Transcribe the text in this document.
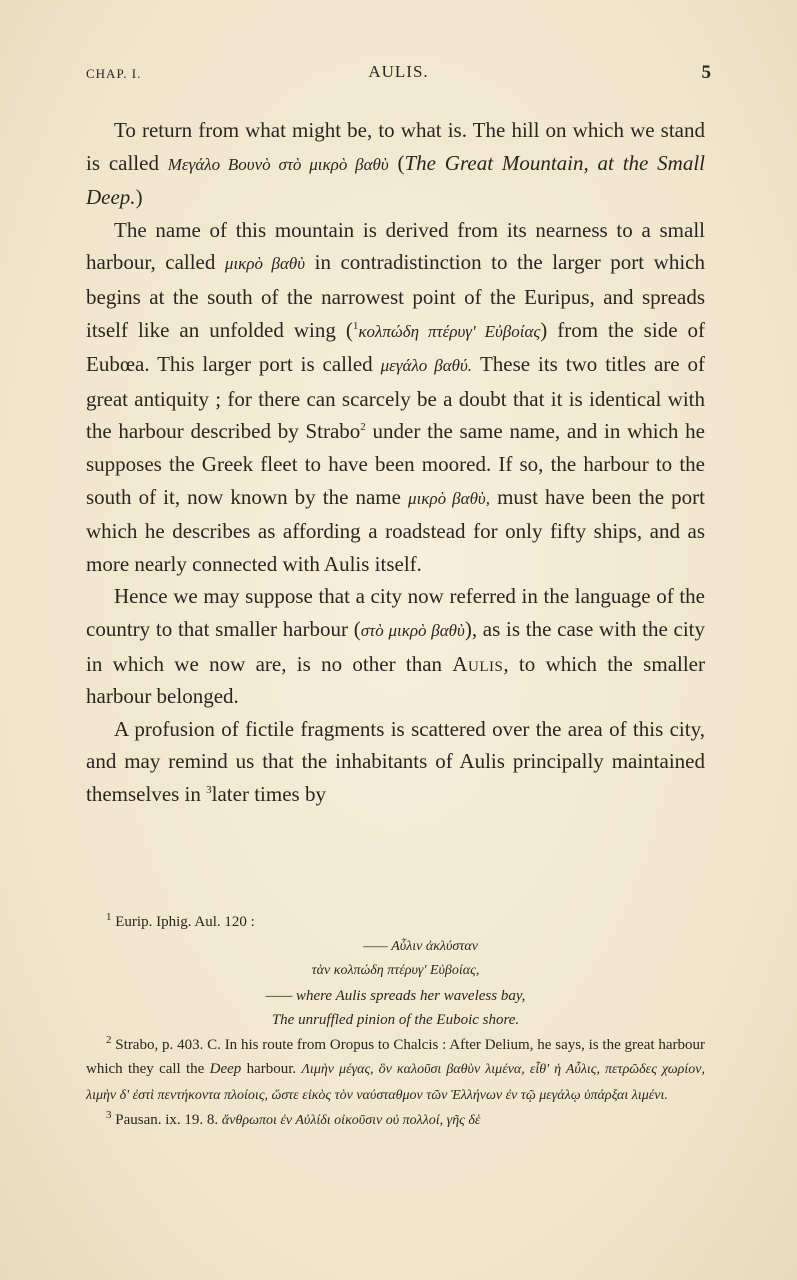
CHAP. I.	AULIS.	5

To return from what might be, to what is. The hill on which we stand is called Μεγάλο Βουνὸ στὸ μικρὸ βαθὺ (The Great Mountain, at the Small Deep.)

The name of this mountain is derived from its nearness to a small harbour, called μικρὸ βαθὺ in contradistinction to the larger port which begins at the south of the narrowest point of the Euripus, and spreads itself like an unfolded wing ($^1$κολπώδη πτέρυγ' Εὐβοίας) from the side of Eubœa. This larger port is called μεγάλο βαθύ. These its two titles are of great antiquity ; for there can scarcely be a doubt that it is identical with the harbour described by Strabo$^2$ under the same name, and in which he supposes the Greek fleet to have been moored. If so, the harbour to the south of it, now known by the name μικρὸ βαθὺ, must have been the port which he describes as affording a roadstead for only fifty ships, and as more nearly connected with Aulis itself.

Hence we may suppose that a city now referred in the language of the country to that smaller harbour (στὸ μικρὸ βαθὺ), as is the case with the city in which we now are, is no other than Aulis, to which the smaller harbour belonged.

A profusion of fictile fragments is scattered over the area of this city, and may remind us that the inhabitants of Aulis principally maintained themselves in $^3$later times by

$^1$ Eurip. Iphig. Aul. 120 :

—— Αὖλιν ἀκλύσταν

τὰν κολπώδη πτέρυγ' Εὐβοίας,

—— where Aulis spreads her waveless bay,

The unruffled pinion of the Euboic shore.

$^2$ Strabo, p. 403. C. In his route from Oropus to Chalcis : After Delium, he says, is the great harbour which they call the Deep harbour. Λιμὴν μέγας, ὃν καλοῦσι βαθὺν λιμένα, εἶθ' ἡ Αὖλις, πετρῶδες χωρίον, λιμὴν δ' ἐστὶ πεντήκοντα πλοίοις, ὥστε εἰκὸς τὸν ναύσταθμον τῶν Ἑλλήνων ἐν τῷ μεγάλῳ ὑπάρξαι λιμένι.

$^3$ Pausan. ix. 19. 8. ἄνθρωποι ἐν Αὐλίδι οἰκοῦσιν οὐ πολλοί, γῆς δὲ
